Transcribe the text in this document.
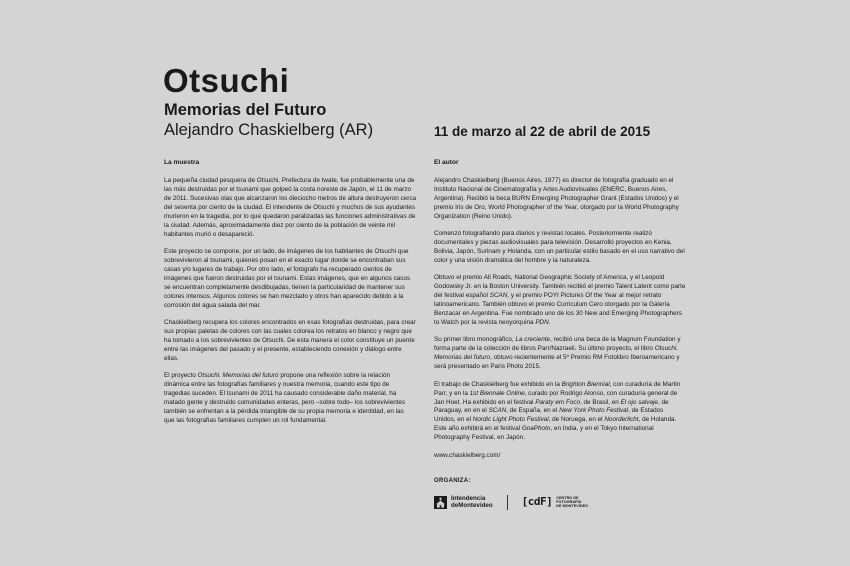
Otsuchi
Memorias del Futuro
Alejandro Chaskielberg (AR)	11 de marzo al 22 de abril de 2015
La muestra

La pequeña ciudad pesquera de Otsuchi, Prefectura de Iwate, fue probablemente una de las más destruidas por el tsunami que golpeó la costa noreste de Japón, el 11 de marzo de 2011. Sucesivas olas que alcanzaron los dieciocho metros de altura destruyeron cerca del sesenta por ciento de la ciudad. El intendente de Otsuchi y muchos de sus ayudantes murieron en la tragedia, por lo que quedaron paralizadas las funciones administrativas de la ciudad. Además, aproximadamente diez por ciento de la población de veinte mil habitantes murió o desapareció.

Este proyecto se compone, por un lado, de imágenes de los habitantes de Otsuchi que sobrevivieron al tsunami, quienes posan en el exacto lugar donde se encontraban sus casas y/o lugares de trabajo. Por otro lado, el fotógrafo ha recuperado cientos de imágenes que fueron destruidas por el tsunami. Estas imágenes, que en algunos casos se encuentran completamente desdibujadas, tienen la particularidad de mantener sus colores intensos. Algunos colores se han mezclado y otros han aparecido debido a la corrosión del agua salada del mar.

Chaskielberg recupera los colores encontrados en esas fotografías destruidas, para crear sus propias paletas de colores con las cuales colorea los retratos en blanco y negro que ha tomado a los sobrevivientes de Otsuchi. De esta manera el color constituye un puente entre las imágenes del pasado y el presente, estableciendo conexión y diálogo entre ellas.

El proyecto Otsuchi. Memorias del futuro propone una reflexión sobre la relación dinámica entre las fotografías familiares y nuestra memoria, cuando este tipo de tragedias suceden. El tsunami de 2011 ha causado considerable daño material, ha matado gente y destruido comunidades enteras, pero –sobre todo– los sobrevivientes también se enfrentan a la pérdida intangible de su propia memoria e identidad, en las que las fotografías familiares cumplen un rol fundamental.

El autor

Alejandro Chaskielberg (Buenos Aires, 1977) es director de fotografía graduado en el Instituto Nacional de Cinematografía y Artes Audiovisuales (ENERC, Buenos Aires, Argentina). Recibió la beca BURN Emerging Photographer Grant (Estados Unidos) y el premio Iris de Oro, World Photographer of the Year, otorgado por la World Photography Organization (Reino Unido).

Comenzó fotografiando para diarios y revistas locales. Posteriormente realizó documentales y piezas audiovisuales para televisión. Desarrolló proyectos en Kenia, Bolivia, Japón, Surinam y Holanda, con un particular estilo basado en el uso narrativo del color y una visión dramática del hombre y la naturaleza.

Obtuvo el premio All Roads, National Geographic Society of America, y el Leopold Godowsky Jr. en la Boston University. También recibió el premio Talent Latent como parte del festival español SCAN, y el premio POYI Pictures Of the Year al mejor retrato latinoamericano. También obtuvo el premio Curriculum Cero otorgado por la Galería Benzacar en Argentina. Fue nombrado uno de los 30 New and Emerging Photographers to Watch por la revista neoyorquina PDN.

Su primer libro monográfico, La creciente, recibió una beca de la Magnum Foundation y forma parte de la colección de libros Parr/Nazraeli. Su último proyecto, el libro Otsuchi. Memorias del futuro, obtuvo recientemente el 5º Premio RM Fotolibro Iberoamericano y será presentado en Paris Photo 2015.

El trabajo de Chaskielberg fue exhibido en la Brighton Biennial, con curaduría de Martin Parr, y en la 1st Biennale Online, curado por Rodrigo Alonso, con curaduría general de Jan Hoet. Ha exhibido en el festival Paraty em Foco, de Brasil, en El ojo salvaje, de Paraguay, en en el SCAN, de España, en el New York Photo Festival, de Estados Unidos, en el Nordic Light Photo Festival, de Noruega, en el Noorderlicht, de Holanda. Este año exhibirá en el festival GoaPhoto, en India, y en el Tokyo International Photography Festival, en Japón.

www.chaskielberg.com/

ORGANIZA:
Intendencia
deMontevideo	[cdF] CENTRO DE
FOTOGRAFÍA
DE MONTEVIDEO
